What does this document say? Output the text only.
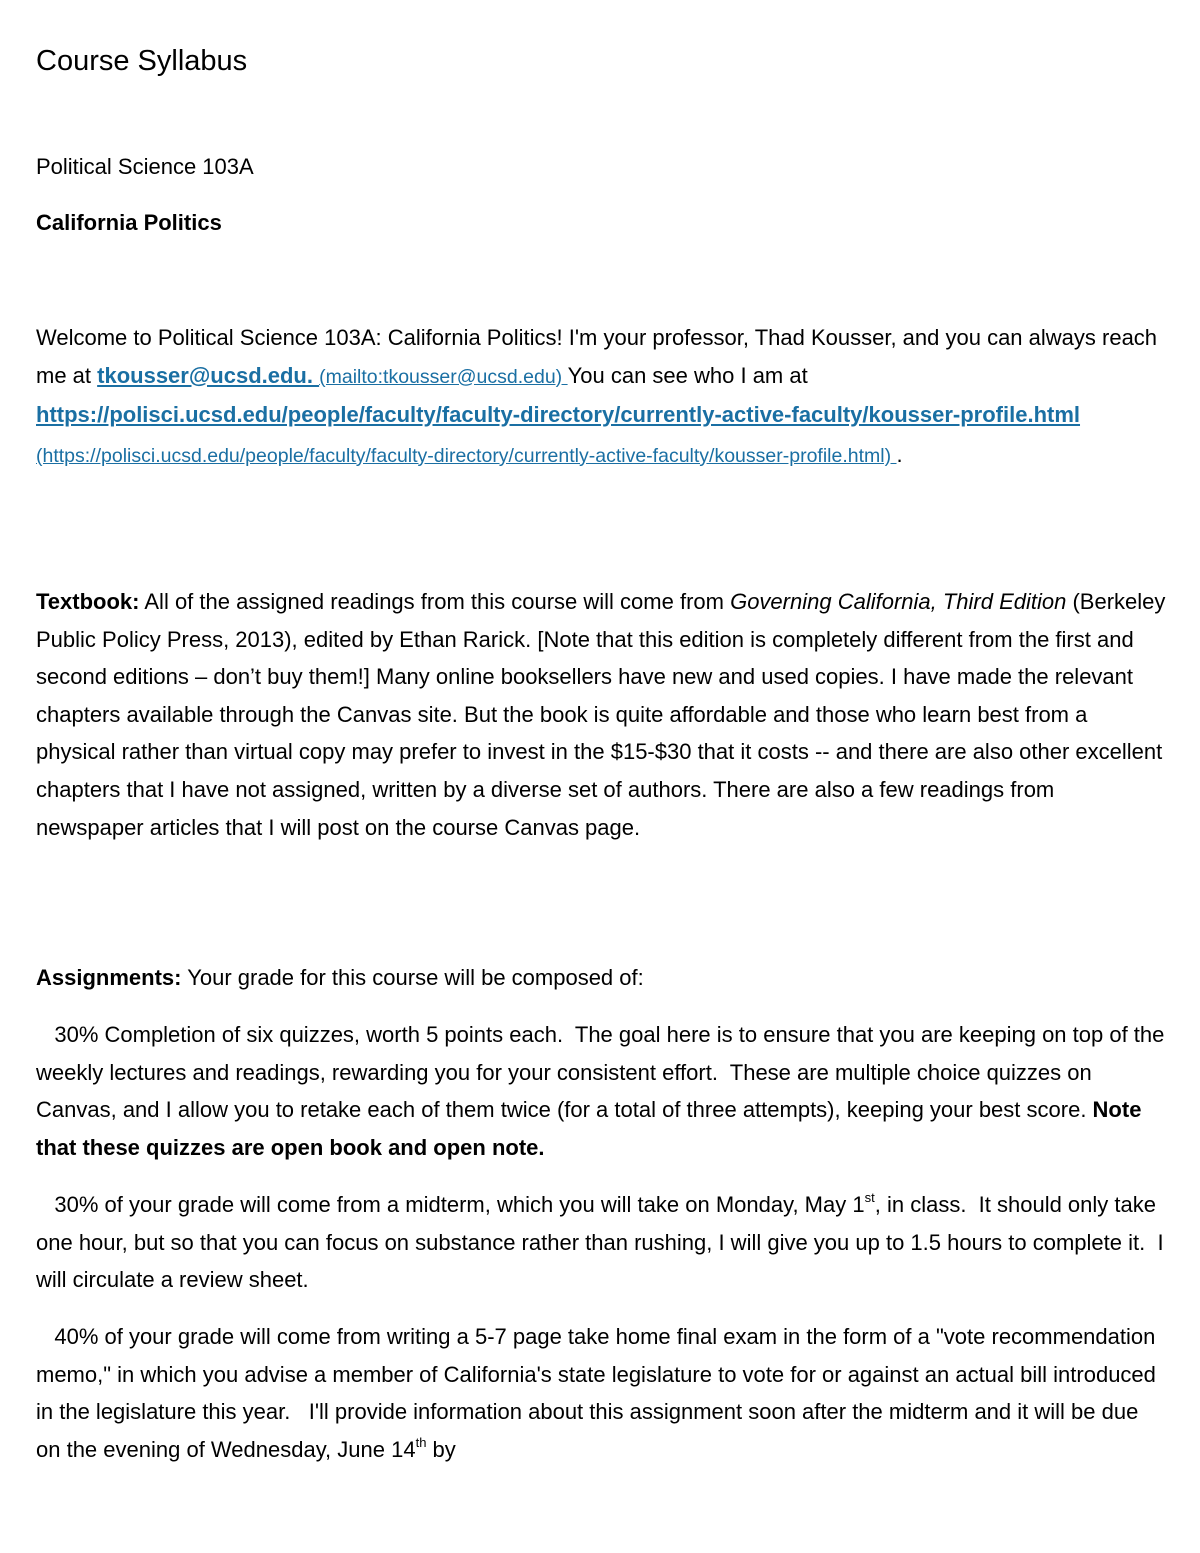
Course Syllabus
Political Science 103A
California Politics

Welcome to Political Science 103A: California Politics! I'm your professor, Thad Kousser, and you can always reach me at tkousser@ucsd.edu. (mailto:tkousser@ucsd.edu) You can see who I am at https://polisci.ucsd.edu/people/faculty/faculty-directory/currently-active-faculty/kousser-profile.html (https://polisci.ucsd.edu/people/faculty/faculty-directory/currently-active-faculty/kousser-profile.html) .

Textbook: All of the assigned readings from this course will come from Governing California, Third Edition (Berkeley Public Policy Press, 2013), edited by Ethan Rarick. [Note that this edition is completely different from the first and second editions – don’t buy them!] Many online booksellers have new and used copies. I have made the relevant chapters available through the Canvas site. But the book is quite affordable and those who learn best from a physical rather than virtual copy may prefer to invest in the $15-$30 that it costs -- and there are also other excellent chapters that I have not assigned, written by a diverse set of authors. There are also a few readings from newspaper articles that I will post on the course Canvas page.

Assignments: Your grade for this course will be composed of:

30% Completion of six quizzes, worth 5 points each.  The goal here is to ensure that you are keeping on top of the weekly lectures and readings, rewarding you for your consistent effort.  These are multiple choice quizzes on Canvas, and I allow you to retake each of them twice (for a total of three attempts), keeping your best score. Note that these quizzes are open book and open note.

30% of your grade will come from a midterm, which you will take on Monday, May 1st, in class.  It should only take one hour, but so that you can focus on substance rather than rushing, I will give you up to 1.5 hours to complete it.  I will circulate a review sheet.

40% of your grade will come from writing a 5-7 page take home final exam in the form of a "vote recommendation memo," in which you advise a member of California's state legislature to vote for or against an actual bill introduced in the legislature this year.   I'll provide information about this assignment soon after the midterm and it will be due on the evening of Wednesday, June 14th by
